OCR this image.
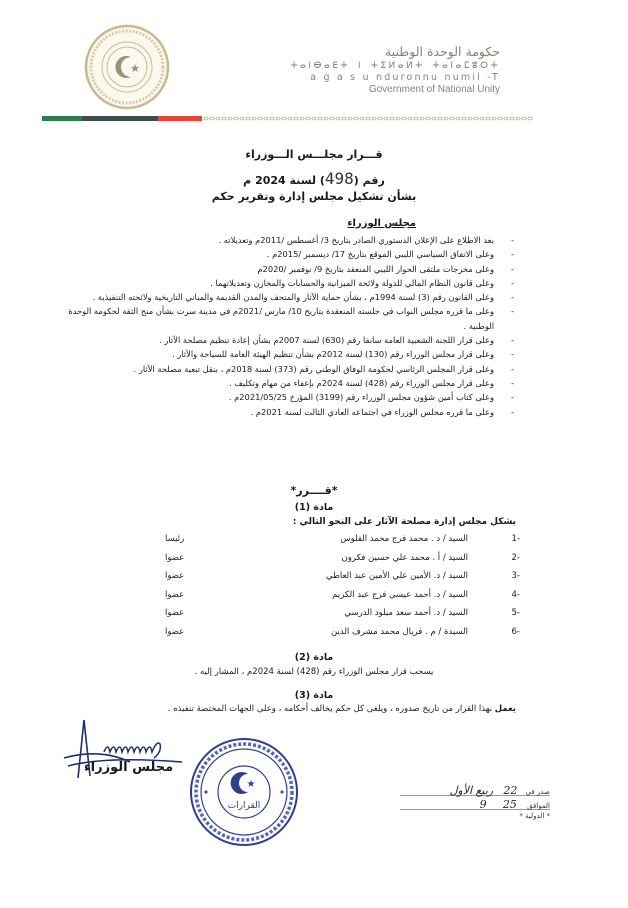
حكومة الوحدة الوطنية
ⵜⴰⵏⴱⴰⴹⵜ ⵏ ⵜⵉⵍⴰⵍⵜ ⵜⴰⵏⴰⵎⵓⵔⵜ
a g a s u nduronnu numil -T
Government of National Unity
قـــرار مجلـــس الـــوزراء
رقم (498) لسنة 2024 م
بشأن تشكيل مجلس إدارة وتقرير حكم
مجلس الوزراء
-
بعد الاطلاع على الإعلان الدستوري الصادر بتاريخ 3/ أغسطس /2011م وتعديلاته .
-
وعلى الاتفاق السياسي الليبي الموقع بتاريخ 17/ ديسمبر /2015م .
-
وعلى مخرجات ملتقى الحوار الليبي المنعقد بتاريخ 9/ نوفمبر /2020م
-
وعلى قانون النظام المالي للدولة ولائحة الميزانية والحسابات والمخازن وتعديلاتهما .
-
وعلى القانون رقم (3) لسنة 1994م ، بشأن حماية الآثار والمتحف والمدن القديمة والمباني التاريخية ولائحته التنفيذية .
-
وعلى ما قرره مجلس النواب في جلسته المنعقدة بتاريخ 10/ مارس /2021م في مدينة سرت بشأن منح الثقة لحكومة الوحدة الوطنية .
-
وعلى قرار اللجنة الشعبية العامة سابقا رقم (630) لسنة 2007م بشأن إعادة تنظيم مصلحة الآثار .
-
وعلى قرار مجلس الوزراء رقم (130) لسنة 2012م بشأن تنظيم الهيئة العامة للسياحة والآثار .
-
وعلى قرار المجلس الرئاسي لحكومة الوفاق الوطني رقم (373) لسنة 2018م ، بنقل تبعية مصلحة الآثار .
-
وعلى قرار مجلس الوزراء رقم (428) لسنة 2024م بإعفاء من مهام وتكليف .
-
وعلى كتاب أمين شؤون مجلس الوزراء رقم (3199) المؤرخ 2021/05/25م .
-
وعلى ما قرره مجلس الوزراء في اجتماعه العادي الثالث لسنة 2021م .
*قــــرر*
مادة (1)
يشكل مجلس إدارة مصلحة الآثار على النحو التالي :
1-
السيد / د . محمد فرج محمد الفلوس
رئيسا
2-
السيد / أ . محمد علي حسين فكرون
عضوا
3-
السيد / د. الأمين علي الأمين عبد العاطي
عضوا
4-
السيد / د. أحمد عيسى فرج عبد الكريم
عضوا
5-
السيد / د. أحمد سعد ميلود الدرسي
عضوا
6-
السيدة / م . فريال محمد مشرف الدين
عضوا
مادة (2)
يسحب قرار مجلس الوزراء رقم (428) لسنة 2024م ، المشار إليه .
مادة (3)
يعمل بهذا القرار من تاريخ صدوره ، ويلغى كل حكم يخالف أحكامه ، وعلى الجهات المختصة تنفيذه .
مجلس الوزراء
القرارات
صدر في 22 ربيع الأول
الموافق 25 9
* الدولية *
